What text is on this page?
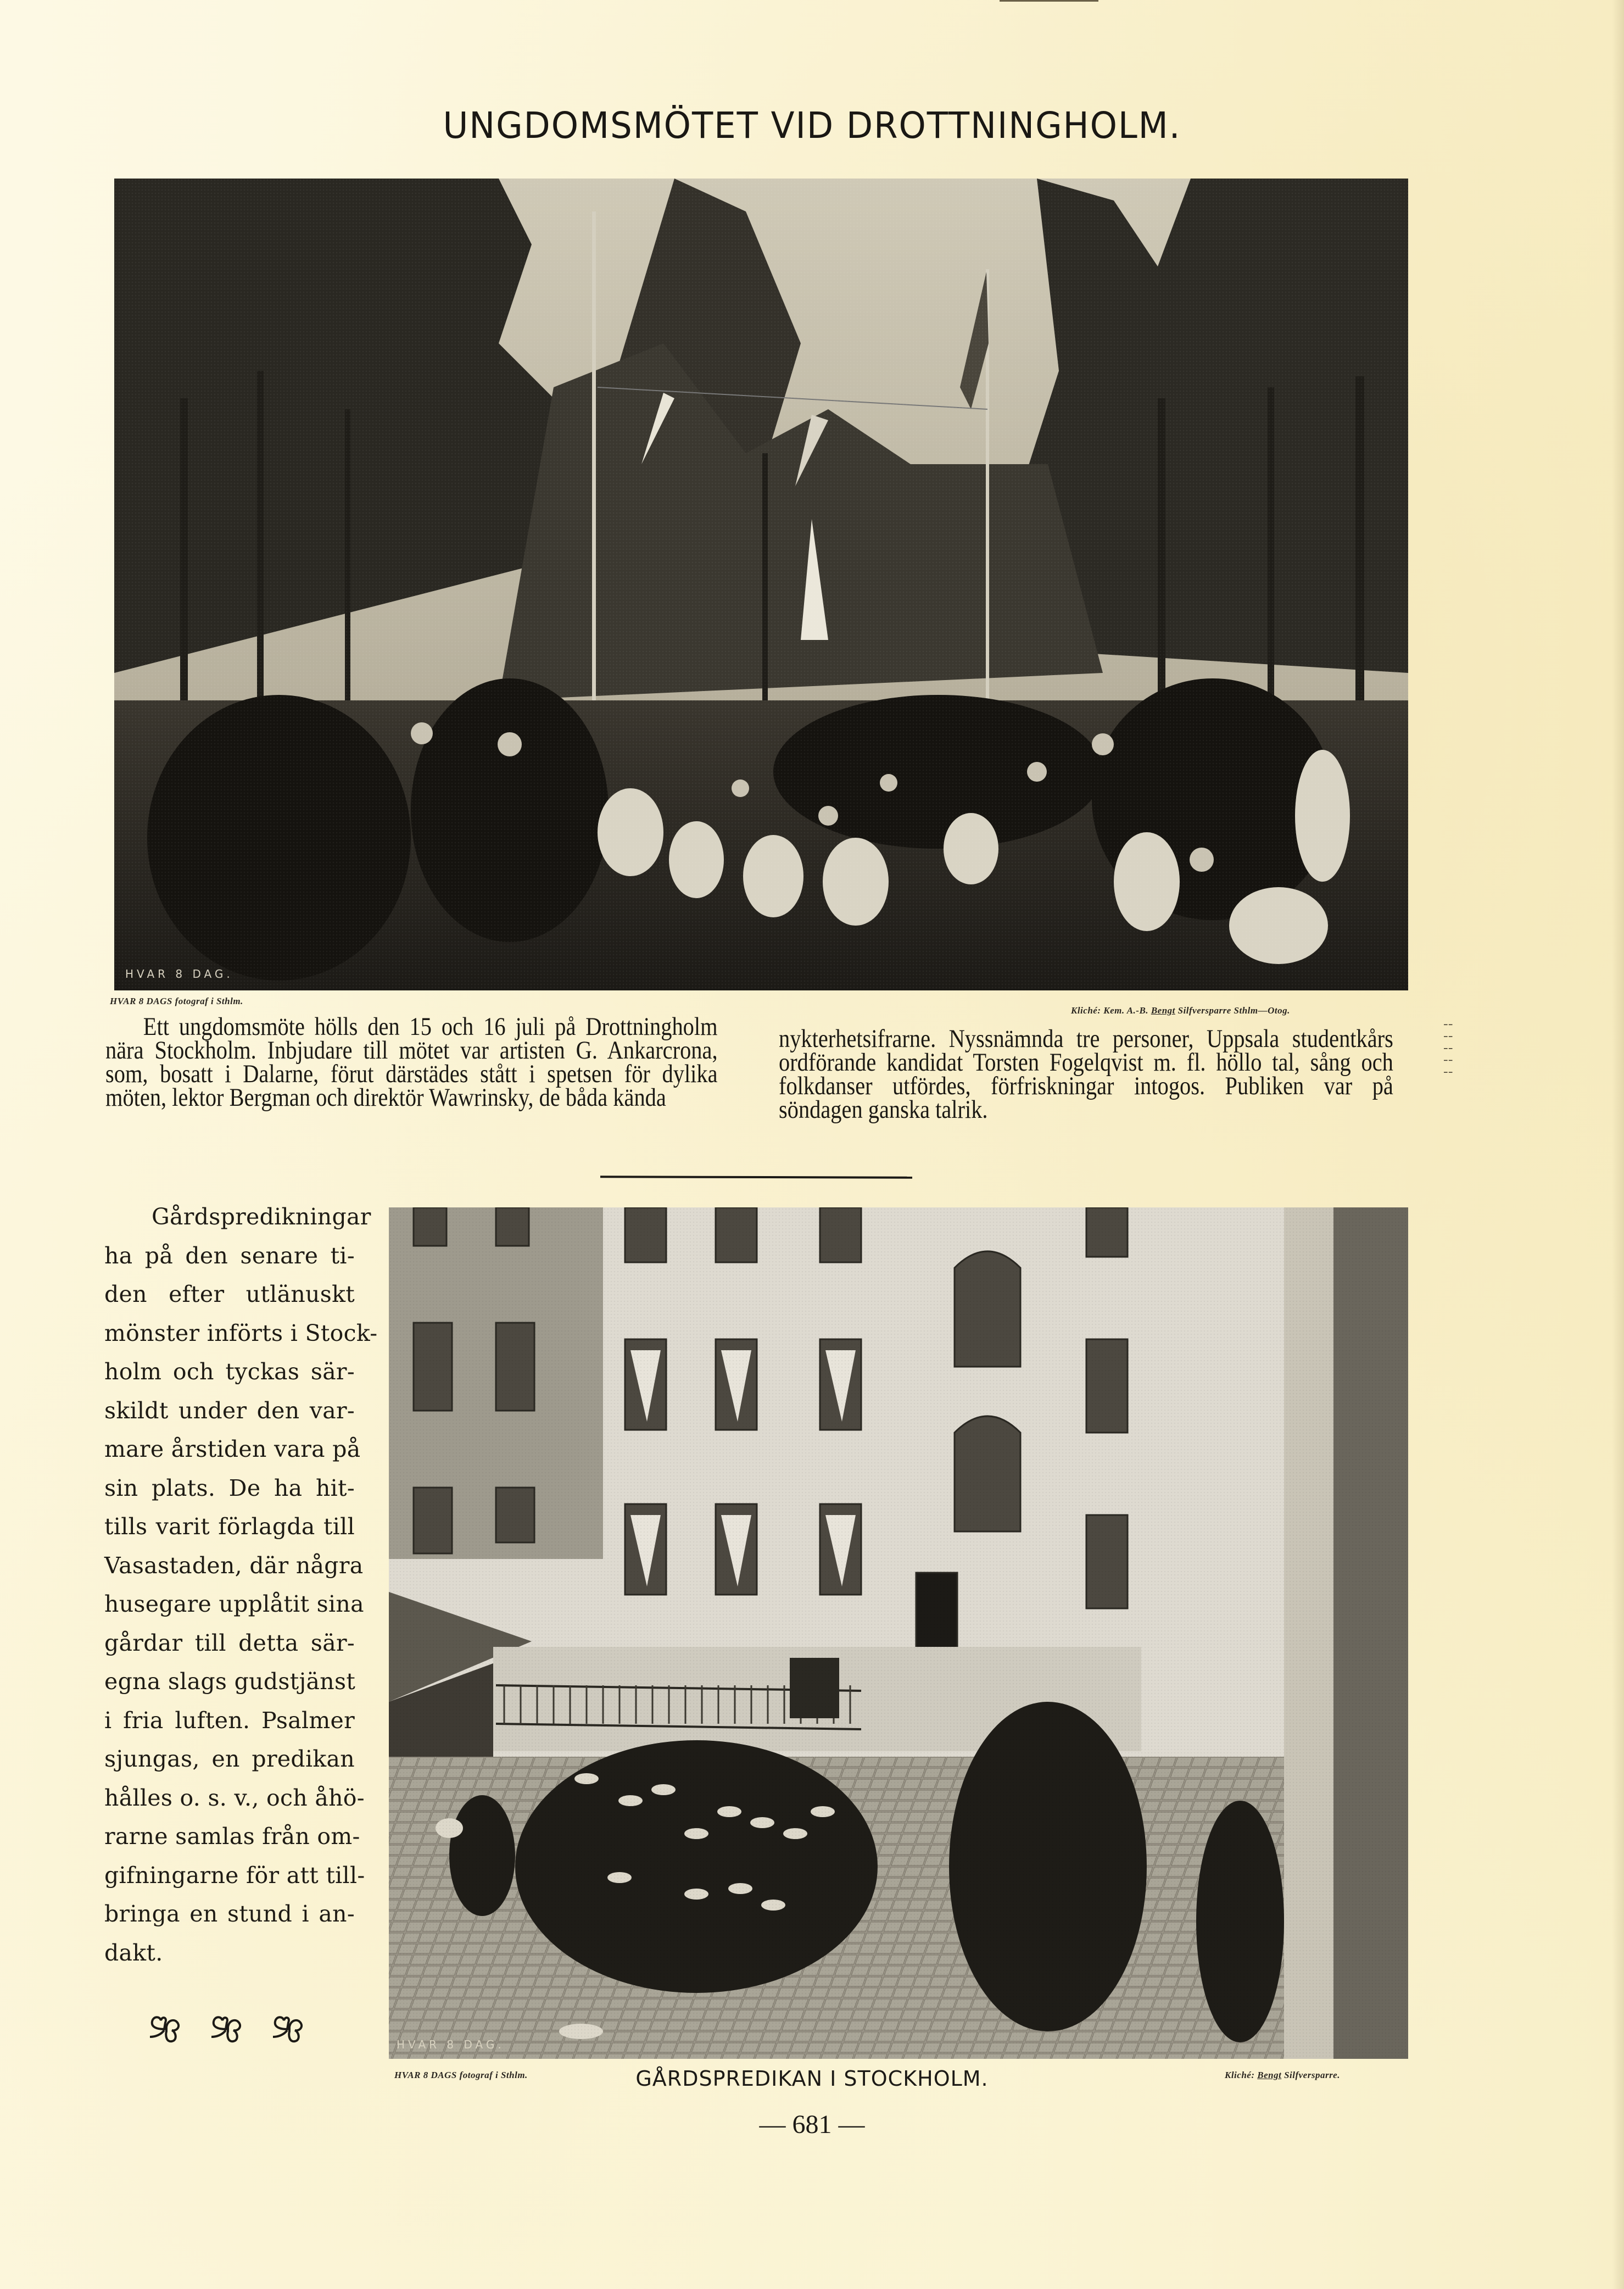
UNGDOMSMÖTET VID DROTTNINGHOLM.
HVAR 8 DAG.
HVAR 8 DAGS fotograf i Sthlm.
Kliché: Kem. A.-B. Bengt Silfversparre Sthlm—Otog.

Ett ungdomsmöte hölls den 15 och 16 juli på Drottningholm nära Stockholm. Inbjudare till mötet var artisten G. Ankarcrona, som, bosatt i Dalarne, förut därstädes stått i spetsen för dylika möten, lektor Bergman och direktör Wawrinsky, de båda kända

nykterhetsifrarne. Nyssnämnda tre personer, Uppsala studentkårs ordförande kandidat Torsten Fogelqvist m. fl. höllo tal, sång och folkdanser utfördes, förfriskningar intogos. Publiken var på söndagen ganska talrik.

¦ ¦ ¦ ¦ ¦
Gårdspredikningar
ha på den senare ti-
den efter utlänuskt
mönster införts i Stock-
holm och tyckas sär-
skildt under den var-
mare årstiden vara på
sin plats. De ha hit-
tills varit förlagda till
Vasastaden, där några
husegare upplåtit sina
gårdar till detta sär-
egna slags gudstjänst
i fria luften. Psalmer
sjungas, en predikan
hålles o. s. v., och åhö-
rarne samlas från om-
gifningarne för att till-
bringa en stund i an-
dakt.
HVAR 8 DAG.
HVAR 8 DAGS fotograf i Sthlm.	GÅRDSPREDIKAN I STOCKHOLM.	Kliché: Bengt Silfversparre.
— 681 —
